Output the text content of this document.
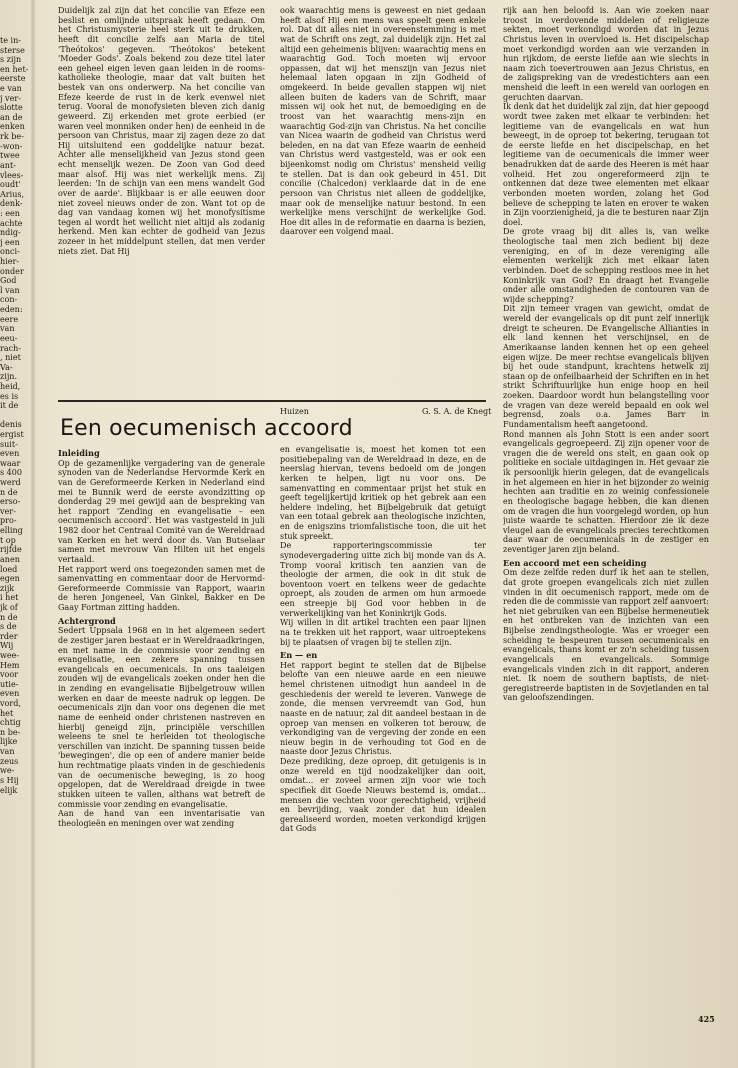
te in-
sterse
s zijn
en het-
eerste
e van
j ver-
slotte
an de
enken
rk be-
-won-
twee
ant-
vlees-
oudt'
Arius,
denk-
: een
achte
ndig-
j een
onci-
hier-
onder
God
l van
con-
eden:
eere
van
eeu-
rach-
, niet
Va-
zijn.
heid,
es is
it de
denis
ergist
suit-
even
waar
s 400
werd
n de
erso-
ver-
pro-
elling
t op
rijfde
anen
loed
egen
zijk
i het
jk of
n de
s de
rder
Wij
wee-
Hem
voor
utie-
even
vord,
het
chtig
n be-
lijke
van
zeus
we-
s Hij
elijk

Duidelijk zal zijn dat het concilie van Efeze een beslist en omlijnde uitspraak heeft gedaan. Om het Christusmysterie heel sterk uit te drukken, heeft dit concilie zelfs aan Maria de titel 'Theótokos' gegeven. 'Theótokos' betekent 'Moeder Gods'. Zoals bekend zou deze titel later een geheel eigen leven gaan leiden in de rooms-katholieke theologie, maar dat valt buiten het bestek van ons onderwerp. Na het concilie van Efeze keerde de rust in de kerk evenwel niet terug. Vooral de monofysieten bleven zich danig geweerd. Zij erkenden met grote eerbied (er waren veel monniken onder hen) de eenheid in de persoon van Christus, maar zij zagen deze zo dat Hij uitsluitend een goddelijke natuur bezat. Achter alle menselijkheid van Jezus stond geen echt menselijk wezen. De Zoon van God deed maar alsof. Hij was niet werkelijk mens. Zij leerden: 'In de schijn van een mens wandelt God over de aarde'. Blijkbaar is er alle eeuwen door niet zoveel nieuws onder de zon. Want tot op de dag van vandaag komen wij het monofysitisme tegen al wordt het wellicht niet altijd als zodanig herkend. Men kan echter de godheid van Jezus zozeer in het middelpunt stellen, dat men verder niets ziet. Dat Hij

ook waarachtig mens is geweest en niet gedaan heeft alsof Hij een mens was speelt geen enkele rol. Dat dit alles niet in overeenstemming is met wat de Schrift ons zegt, zal duidelijk zijn. Het zal altijd een geheimenis blijven: waarachtig mens en waarachtig God. Toch moeten wij ervoor oppassen, dat wij het menszijn van Jezus niet helemaal laten opgaan in zijn Godheid of omgekeerd. In beide gevallen stappen wij niet alleen buiten de kaders van de Schrift, maar missen wij ook het nut, de bemoediging en de troost van het waarachtig mens-zijn en waarachtig God-zijn van Christus. Na het concilie van Nicea waarin de godheid van Christus werd beleden, en na dat van Efeze waarin de eenheid van Christus werd vastgesteld, was er ook een bijeenkomst nodig om Christus' mensheid veilig te stellen. Dat is dan ook gebeurd in 451. Dit concilie (Chalcedon) verklaarde dat in de ene persoon van Christus niet alleen de goddelijke, maar ook de menselijke natuur bestond. In een werkelijke mens verschijnt de werkelijke God. Hoe dit alles in de reformatie en daarna is bezien, daarover een volgend maal.

Huizen	G. S. A. de Knegt
Een oecumenisch accoord
Inleiding

Op de gezamenlijke vergadering van de generale synoden van de Nederlandse Hervormde Kerk en van de Gereformeerde Kerken in Nederland eind mei te Bunnik werd de eerste avondzitting op donderdag 29 mei gewijd aan de bespreking van het rapport 'Zending en evangelisatie – een oecumenisch accoord'. Het was vastgesteld in juli 1982 door het Centraal Comité van de Wereldraad van Kerken en het werd door ds. Van Butselaar samen met mevrouw Van Hilten uit het engels vertaald.

Het rapport werd ons toegezonden samen met de samenvatting en commentaar door de Hervormd-Gereformeerde Commissie van Rapport, waarin de heren Jongeneel, Van Ginkel, Bakker en De Gaay Fortman zitting hadden.

Achtergrond

Sedert Uppsala 1968 en in het algemeen sedert de zestiger jaren bestaat er in Wereldraadkringen, en met name in de commissie voor zending en evangelisatie, een zekere spanning tussen evangelicals en oecumenicals. In ons taaleigen zouden wij de evangelicals zoeken onder hen die in zending en evangelisatie Bijbelgetrouw willen werken en daar de meeste nadruk op leggen. De oecumenicals zijn dan voor ons degenen die met name de eenheid onder christenen nastreven en hierbij geneigd zijn, principiële verschillen weleens te snel te herleiden tot theologische verschillen van inzicht. De spanning tussen beide 'bewegingen', die op een of andere manier beide hun rechtmatige plaats vinden in de geschiedenis van de oecumenische beweging, is zo hoog opgelopen, dat de Wereldraad dreigde in twee stukken uiteen te vallen, althans wat betreft de commissie voor zending en evangelisatie.

Aan de hand van een inventarisatie van theologieën en meningen over wat zending

en evangelisatie is, moest het komen tot een positiebepaling van de Wereldraad in deze, en de neerslag hiervan, tevens bedoeld om de jongen kerken te helpen, ligt nu voor ons. De samenvatting en commentaar prijst het stuk en geeft tegelijkertijd kritiek op het gebrek aan een heldere indeling, het Bijbelgebruik dat getuigt van een totaal gebrek aan theologische inzichten, en de enigszins triomfalistische toon, die uit het stuk spreekt.

De rapporteringscommissie ter synodevergadering uitte zich bij monde van ds A. Tromp vooral kritisch ten aanzien van de theologie der armen, die ook in dit stuk de boventoon voert en telkens weer de gedachte oproept, als zouden de armen om hun armoede een streepje bij God voor hebben in de verwerkelijking van het Koninkrijk Gods.

Wij willen in dit artikel trachten een paar lijnen na te trekken uit het rapport, waar uitroeptekens bij te plaatsen of vragen bij te stellen zijn.

En — en

Het rapport begint te stellen dat de Bijbelse belofte van een nieuwe aarde en een nieuwe hemel christenen uitnodigt hun aandeel in de geschiedenis der wereld te leveren. Vanwege de zonde, die mensen vervreemdt van God, hun naaste en de natuur, zal dit aandeel bestaan in de oproep van mensen en volkeren tot berouw, de verkondiging van de vergeving der zonde en een nieuw begin in de verhouding tot God en de naaste door Jezus Christus.

Deze prediking, deze oproep, dit getuigenis is in onze wereld en tijd noodzakelijker dan ooit, omdat... er zoveel armen zijn voor wie toch specifiek dit Goede Nieuws bestemd is, omdat... mensen die vechten voor gerechtigheid, vrijheid en bevrijding, vaak zonder dat hun idealen gerealiseerd worden, moeten verkondigd krijgen dat Gods

rijk aan hen beloofd is. Aan wie zoeken naar troost in verdovende middelen of religieuze sekten, moet verkondigd worden dat in Jezus Christus leven in overvloed is. Het discipelschap moet verkondigd worden aan wie verzanden in hun rijkdom, de eerste liefde aan wie slechts in naam zich toevertrouwen aan Jezus Christus, en de zaligspreking van de vredestichters aan een menshеid die leeft in een wereld van oorlogen en geruchten daarvan.

Ik denk dat het duidelijk zal zijn, dat hier gepoogd wordt twee zaken met elkaar te verbinden: het legitieme van de evangelicals en wat hun beweegt, in de oproep tot bekering, terugaan tot de eerste liefde en het discipelschap, en het legitieme van de oecumenicals die immer weer benadrukken dat de aarde des Heeren is mét haar volheid. Het zou ongereformeerd zijn te ontkennen dat deze twee elementen met elkaar verbonden moeten worden, zolang het God believe de schepping te laten en erover te waken in Zijn voorzienigheid, ja die te besturen naar Zijn doel.

De grote vraag bij dit alles is, van welke theologische taal men zich bedient bij deze vereniging, en of in deze vereniging alle elementen werkelijk zich met elkaar laten verbinden. Doet de schepping restloos mee in het Koninkrijk van God? En draagt het Evangelie onder alle omstandigheden de contouren van de wijde schepping?

Dit zijn temeer vragen van gewicht, omdat de wereld der evangelicals op dit punt zelf innerlijk dreigt te scheuren. De Evangelische Allianties in elk land kennen het verschijnsel, en de Amerikaanse landen kennen het op een geheel eigen wijze. De meer rechtse evangelicals blijven bij het oude standpunt, krachtens hetwelk zij staan op de onfeilbaarheid der Schriften en in het strikt Schriftuurlijke hun enige hoop en heil zoeken. Daardoor wordt hun belangstelling voor de vragen van deze wereld bepaald en ook wel begrensd, zoals o.a. James Barr in Fundamentalism heeft aangetoond.

Rond mannen als John Stott is een ander soort evangelicals gegroepeerd. Zij zijn opener voor de vragen die de wereld ons stelt, en gaan ook op politieke en sociale uitdagingen in. Het gevaar zie ik persoonlijk hierin gelegen, dat de evangelicals in het algemeen en hier in het bijzonder zo weinig hechten aan traditie en zo weinig confessionele en theologische bagage hebben, die kan dienen om de vragen die hun voorgelegd worden, op hun juiste waarde te schatten. Hierdoor zie ik deze vleugel aan de evangelicals precies terechtkomen daar waar de oecumenicals in de zestiger en zeventiger jaren zijn beland.

Een accoord met een scheiding

Om deze zelfde reden durf ik het aan te stellen, dat grote groepen evangelicals zich niet zullen vinden in dit oecumenisch rapport, mede om de reden die de commissie van rapport zelf aanvoert: het niet gebruiken van een Bijbelse hermeneutiek en het ontbreken van de inzichten van een Bijbelse zendingstheologie. Was er vroeger een scheiding te bespeuren tussen oecumenicals en evangelicals, thans komt er zo'n scheiding tussen evangelicals en evangelicals. Sommige evangelicals vinden zich in dit rapport, anderen niet. Ik noem de southern baptists, de niet-geregistreerde baptisten in de Sovjetlanden en tal van geloofszendingen.

425
